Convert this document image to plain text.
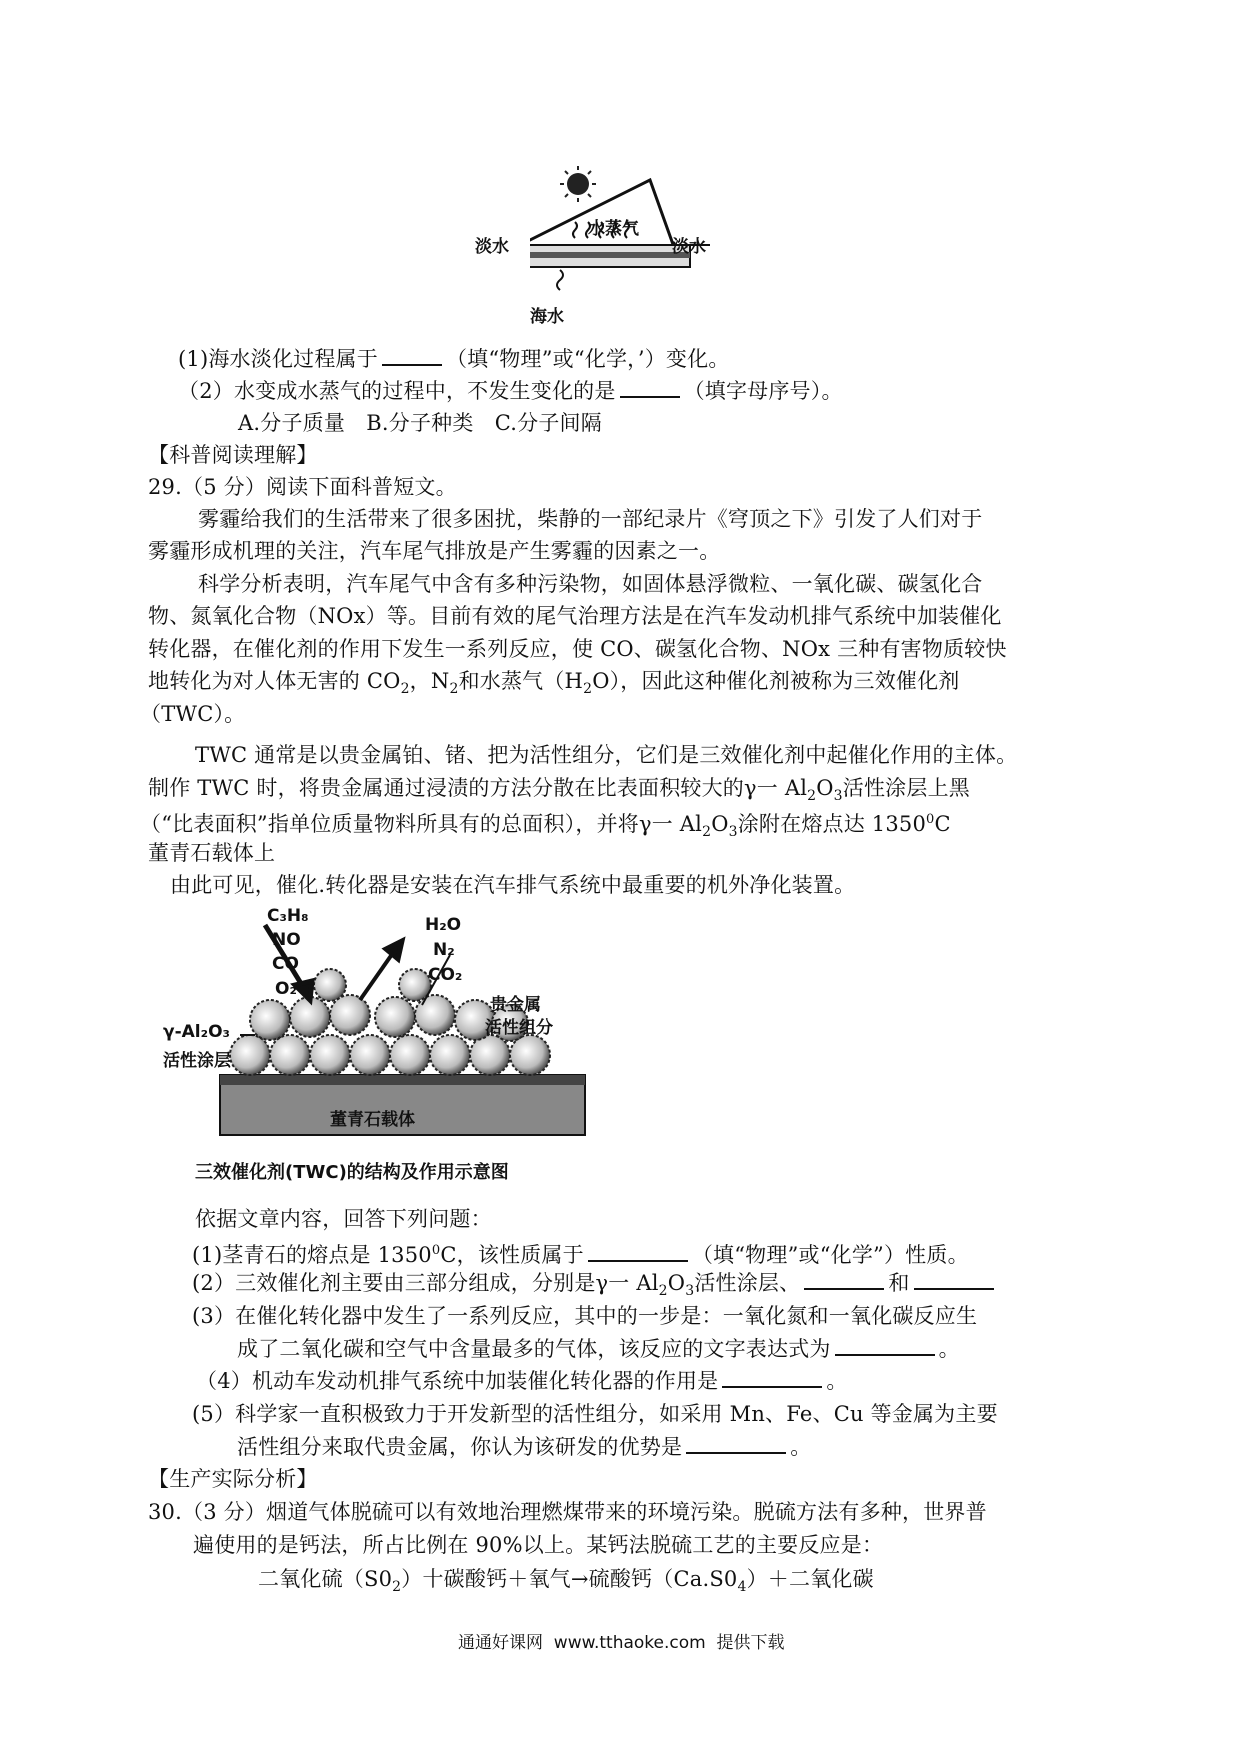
淡水	淡水
水蒸气
海水
(1)海水淡化过程属于	（填“物理”或“化学，’）变化。
（2）水变成水蒸气的过程中，不发生变化的是	（填字母序号）。
A.分子质量　B.分子种类　C.分子间隔
【科普阅读理解】
29.（5 分）阅读下面科普短文。
雾霾给我们的生活带来了很多困扰，柴静的一部纪录片《穹顶之下》引发了人们对于
雾霾形成机理的关注，汽车尾气排放是产生雾霾的因素之一。
科学分析表明，汽车尾气中含有多种污染物，如固体悬浮微粒、一氧化碳、碳氢化合
物、氮氧化合物（NOx）等。目前有效的尾气治理方法是在汽车发动机排气系统中加装催化
转化器，在催化剂的作用下发生一系列反应，使 CO、碳氢化合物、NOx 三种有害物质较快
地转化为对人体无害的 $CO_2$，$N_2$和水蒸气$(H_2O)$，因此这种催化剂被称为三效催化剂
（TWC）。
TWC 通常是以贵金属铂、锗、把为活性组分，它们是三效催化剂中起催化作用的主体。
制作 TWC 时，将贵金属通过浸渍的方法分散在比表面积较大的γ一 $Al_2O_3$活性涂层上黑
（“比表面积”指单位质量物料所具有的总面积），并将γ一 $Al_2O_3$涂附在熔点达 1350$^0$C
董青石载体上
由此可见，催化.转化器是安装在汽车排气系统中最重要的机外净化装置。
C₃H₈
NO
CO
O₂
H₂O
N₂
CO₂
贵金属
活性组分
γ-Al₂O₃
活性涂层
董青石载体
三效催化剂(TWC)的结构及作用示意图
依据文章内容，回答下列问题：
(1)茎青石的熔点是 1350$^0$C，该性质属于	（填“物理”或“化学”）性质。
(2）三效催化剂主要由三部分组成，分别是γ一 $Al_2O_3$活性涂层、	和
(3）在催化转化器中发生了一系列反应，其中的一步是：一氧化氮和一氧化碳反应生
成了二氧化碳和空气中含量最多的气体，该反应的文字表达式为	。
（4）机动车发动机排气系统中加装催化转化器的作用是	。
(5）科学家一直积极致力于开发新型的活性组分，如采用 Mn、Fe、Cu 等金属为主要
活性组分来取代贵金属，你认为该研发的优势是	。
【生产实际分析】
30.（3 分）烟道气体脱硫可以有效地治理燃煤带来的环境污染。脱硫方法有多种，世界普
遍使用的是钙法，所占比例在 90%以上。某钙法脱硫工艺的主要反应是：
二氧化硫$(S0_2)$十碳酸钙＋氧气→硫酸钙$(Ca.S0_4)+$二氧化碳
通通好课网  www.tthaoke.com  提供下载
